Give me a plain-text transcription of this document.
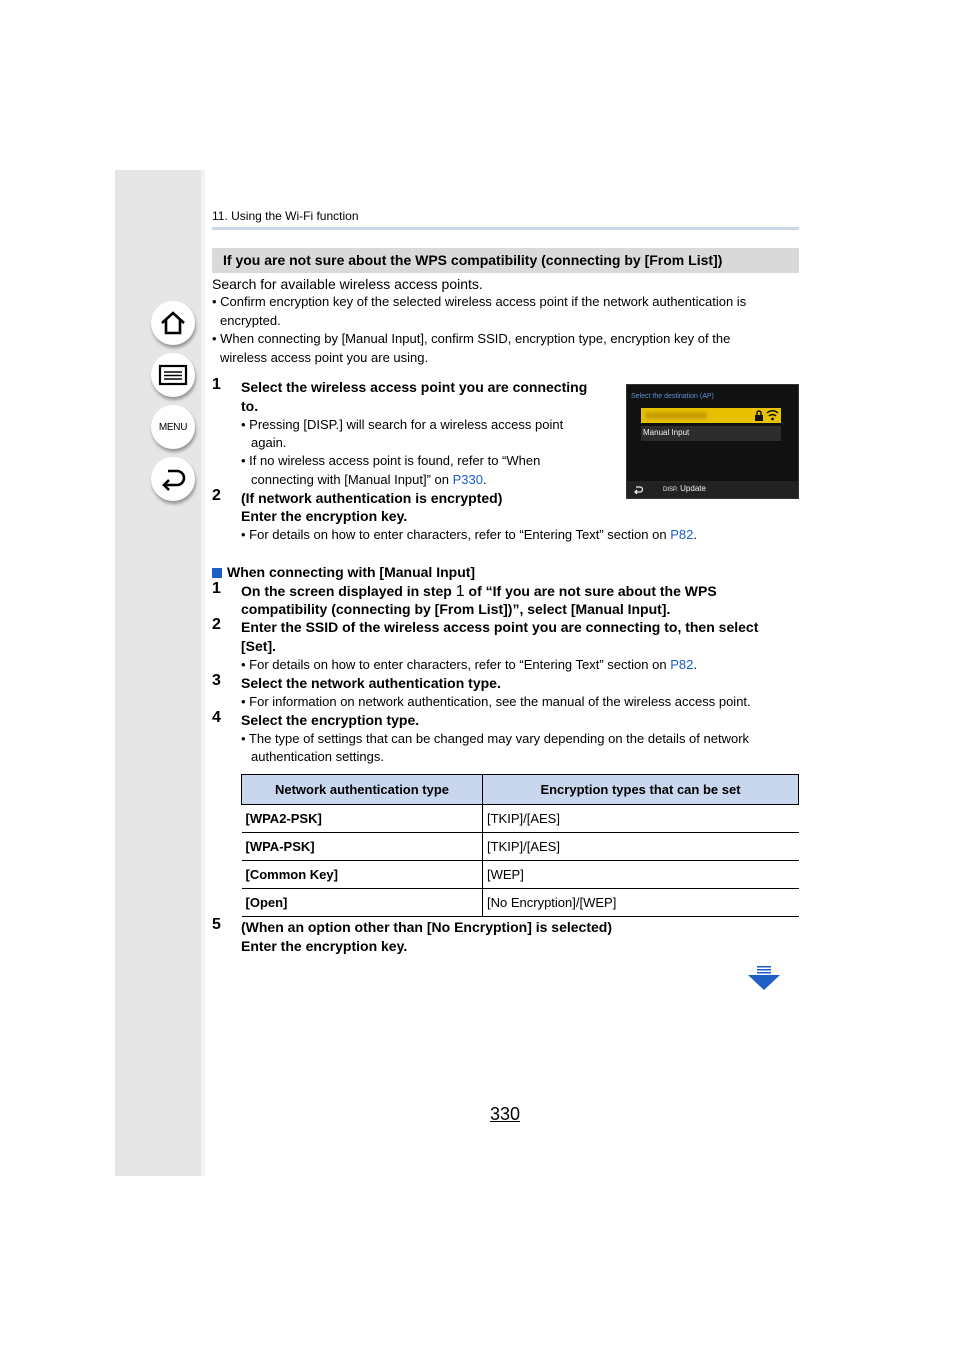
MENU
11. Using the Wi-Fi function
If you are not sure about the WPS compatibility (connecting by [From List])
Search for available wireless access points.
• Confirm encryption key of the selected wireless access point if the network authentication is
encrypted.
• When connecting by [Manual Input], confirm SSID, encryption type, encryption key of the
wireless access point you are using.
1 Select the wireless access point you are connecting
to.
• Pressing [DISP.] will search for a wireless access point
again.
• If no wireless access point is found, refer to “When
connecting with [Manual Input]” on P330.
2 (If network authentication is encrypted)
Enter the encryption key.
• For details on how to enter characters, refer to “Entering Text” section on P82.
Select the destination (AP)
Manual Input
DISP. Update
When connecting with [Manual Input]
1 On the screen displayed in step 1 of “If you are not sure about the WPS
compatibility (connecting by [From List])”, select [Manual Input].
2 Enter the SSID of the wireless access point you are connecting to, then select
[Set].
• For details on how to enter characters, refer to “Entering Text” section on P82.
3 Select the network authentication type.
• For information on network authentication, see the manual of the wireless access point.
4 Select the encryption type.
• The type of settings that can be changed may vary depending on the details of network
authentication settings.
Network authentication type	Encryption types that can be set
[WPA2-PSK]	[TKIP]/[AES]
[WPA-PSK]	[TKIP]/[AES]
[Common Key]	[WEP]
[Open]	[No Encryption]/[WEP]
5 (When an option other than [No Encryption] is selected)
Enter the encryption key.
330
